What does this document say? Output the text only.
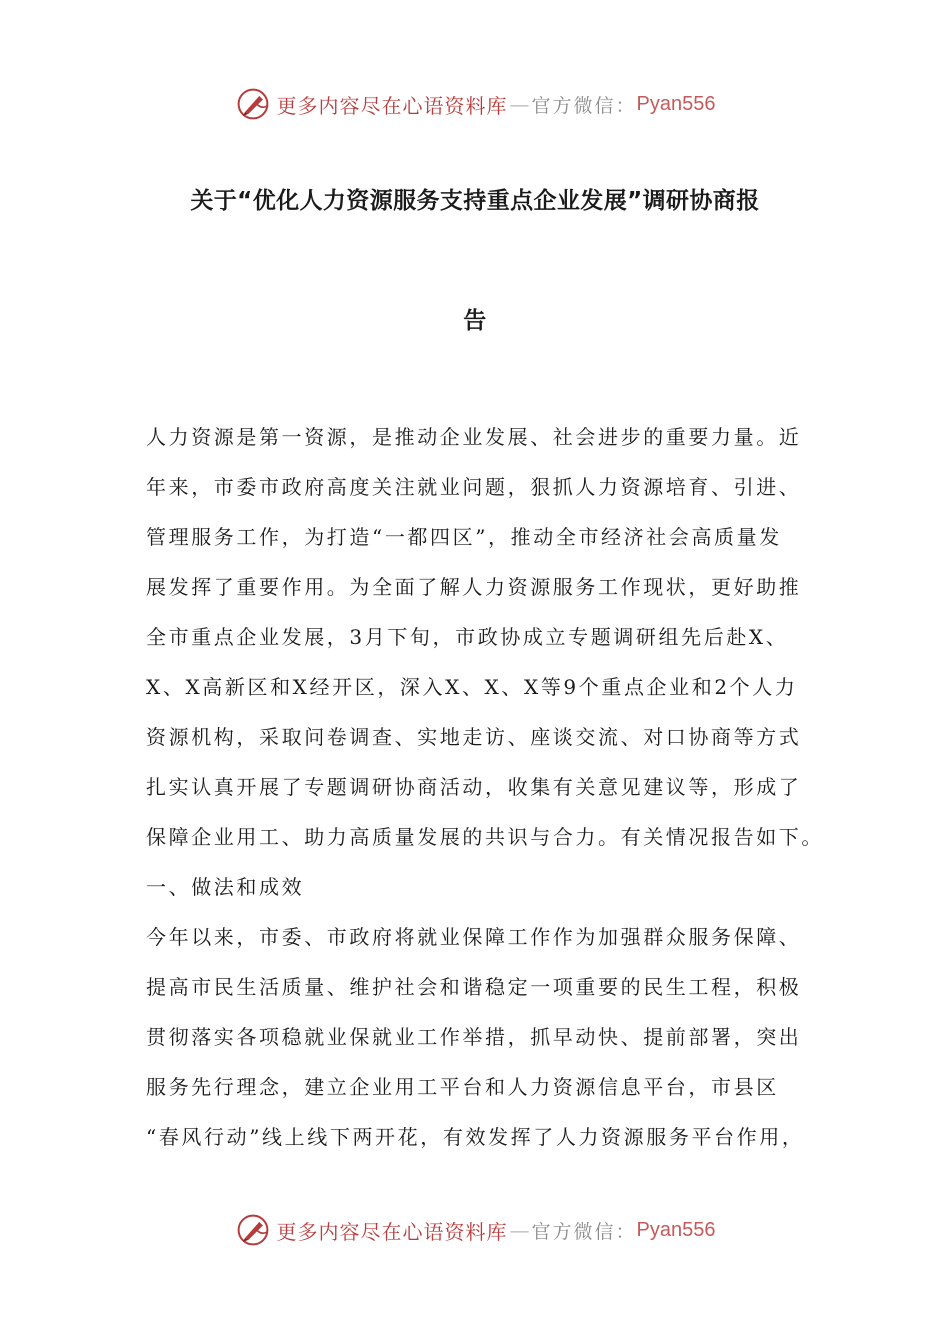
更多内容尽在心语资料库 — 官方微信： Pyan556
关于“优化人力资源服务支持重点企业发展”调研协商报
告
人力资源是第一资源，是推动企业发展、社会进步的重要力量。近
年来，市委市政府高度关注就业问题，狠抓人力资源培育、引进、
管理服务工作，为打造“一都四区”，推动全市经济社会高质量发
展发挥了重要作用。为全面了解人力资源服务工作现状，更好助推
全市重点企业发展，3月下旬，市政协成立专题调研组先后赴X、
X、X高新区和X经开区，深入X、X、X等9个重点企业和2个人力
资源机构，采取问卷调查、实地走访、座谈交流、对口协商等方式
扎实认真开展了专题调研协商活动，收集有关意见建议等，形成了
保障企业用工、助力高质量发展的共识与合力。有关情况报告如下。
一、做法和成效
今年以来，市委、市政府将就业保障工作作为加强群众服务保障、
提高市民生活质量、维护社会和谐稳定一项重要的民生工程，积极
贯彻落实各项稳就业保就业工作举措，抓早动快、提前部署，突出
服务先行理念，建立企业用工平台和人力资源信息平台，市县区
“春风行动”线上线下两开花，有效发挥了人力资源服务平台作用，
更多内容尽在心语资料库 — 官方微信： Pyan556
